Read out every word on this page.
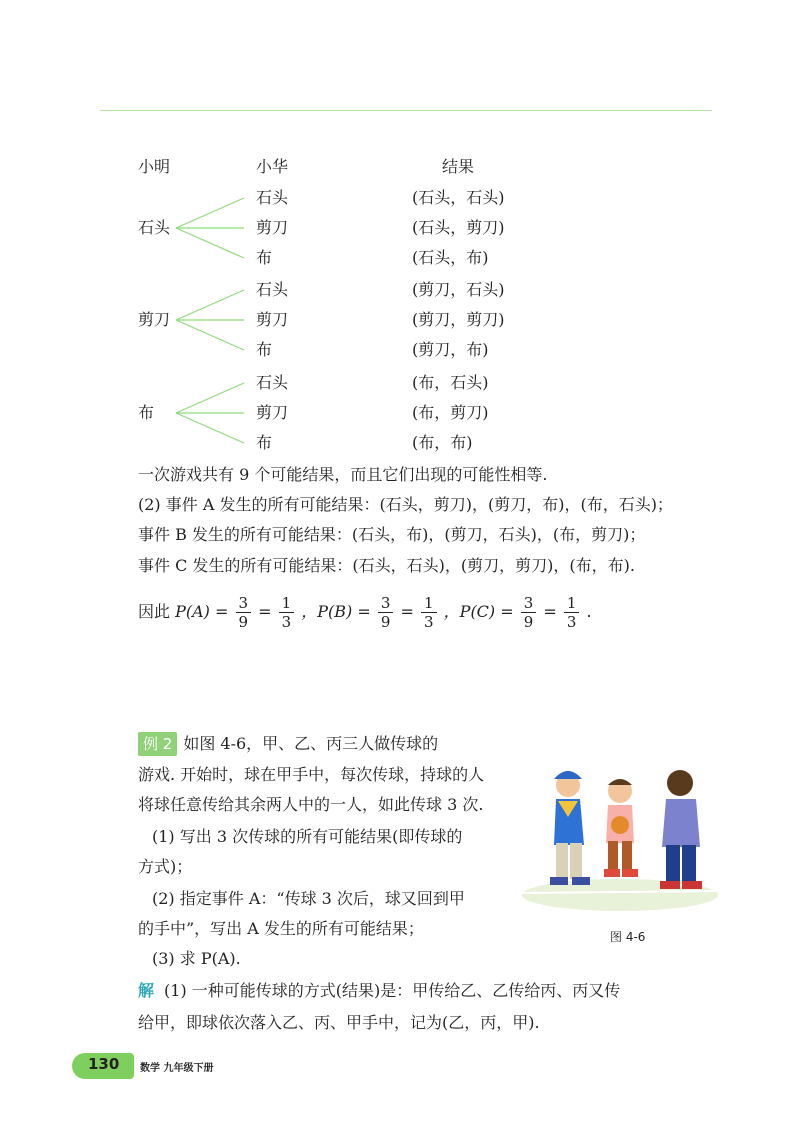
小明	小华	结果
石头
石头
剪刀
布
(石头，石头)
(石头，剪刀)
(石头，布)
剪刀
石头
剪刀
布
(剪刀，石头)
(剪刀，剪刀)
(剪刀，布)
布
石头
剪刀
布
(布，石头)
(布，剪刀)
(布，布)
一次游戏共有 9 个可能结果，而且它们出现的可能性相等.
(2) 事件 A 发生的所有可能结果：(石头，剪刀)，(剪刀，布)，(布，石头)；
事件 B 发生的所有可能结果：(石头，布)，(剪刀，石头)，(布，剪刀)；
事件 C 发生的所有可能结果：(石头，石头)，(剪刀，剪刀)，(布，布).
因此 $P(A) = \frac{3}{9} = \frac{1}{3}$ ，$P(B) = \frac{3}{9} = \frac{1}{3}$ ，$P(C) = \frac{3}{9} = \frac{1}{3}$ .
例 2 如图 4-6，甲、乙、丙三人做传球的
游戏. 开始时，球在甲手中，每次传球，持球的人
将球任意传给其余两人中的一人，如此传球 3 次.
(1) 写出 3 次传球的所有可能结果(即传球的
方式)；
(2) 指定事件 A：“传球 3 次后，球又回到甲
的手中”，写出 A 发生的所有可能结果；
(3) 求 P(A).
图 4-6
解 (1) 一种可能传球的方式(结果)是：甲传给乙、乙传给丙、丙又传
给甲，即球依次落入乙、丙、甲手中，记为(乙，丙，甲).
130 数学 九年级下册
